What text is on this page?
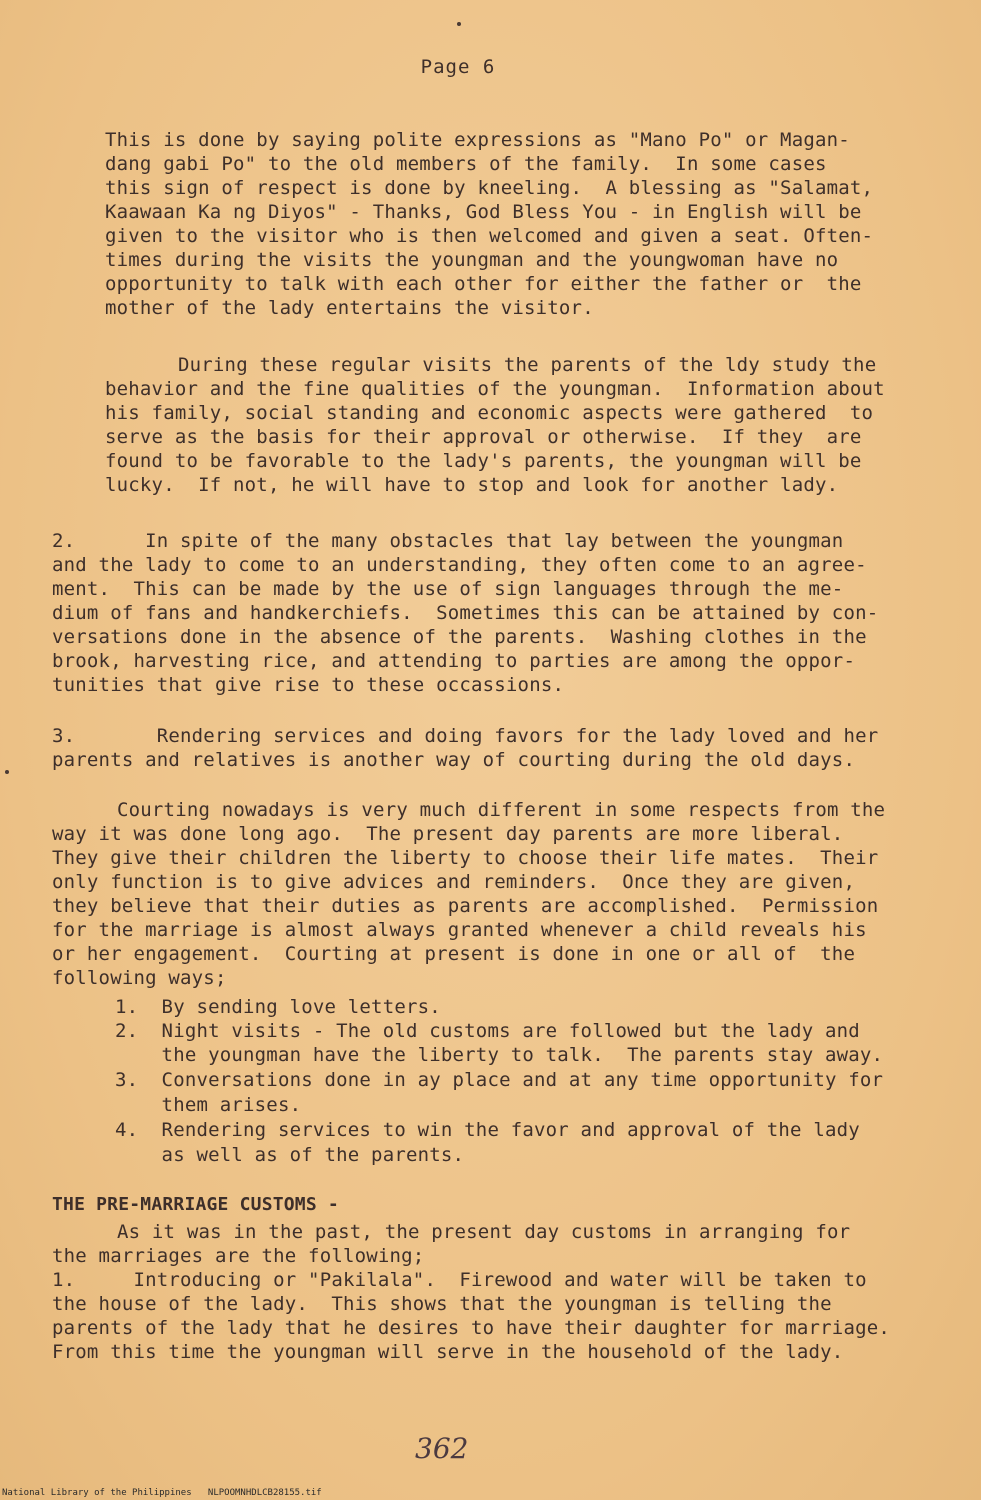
Page 6
This is done by saying polite expressions as "Mano Po" or Magan-
dang gabi Po" to the old members of the family.  In some cases
this sign of respect is done by kneeling.  A blessing as "Salamat,
Kaawaan Ka ng Diyos" - Thanks, God Bless You - in English will be
given to the visitor who is then welcomed and given a seat. Often-
times during the visits the youngman and the youngwoman have no
opportunity to talk with each other for either the father or  the
mother of the lady entertains the visitor.
During these regular visits the parents of the ldy study the
behavior and the fine qualities of the youngman.  Information about
his family, social standing and economic aspects were gathered  to
serve as the basis for their approval or otherwise.  If they  are
found to be favorable to the lady's parents, the youngman will be
lucky.  If not, he will have to stop and look for another lady.
2.      In spite of the many obstacles that lay between the youngman
and the lady to come to an understanding, they often come to an agree-
ment.  This can be made by the use of sign languages through the me-
dium of fans and handkerchiefs.  Sometimes this can be attained by con-
versations done in the absence of the parents.  Washing clothes in the
brook, harvesting rice, and attending to parties are among the oppor-
tunities that give rise to these occassions.
3.       Rendering services and doing favors for the lady loved and her
parents and relatives is another way of courting during the old days.
Courting nowadays is very much different in some respects from the
way it was done long ago.  The present day parents are more liberal.
They give their children the liberty to choose their life mates.  Their
only function is to give advices and reminders.  Once they are given,
they believe that their duties as parents are accomplished.  Permission
for the marriage is almost always granted whenever a child reveals his
or her engagement.  Courting at present is done in one or all of  the
following ways;
1.  By sending love letters.
2.  Night visits - The old customs are followed but the lady and
the youngman have the liberty to talk.  The parents stay away.
3.  Conversations done in ay place and at any time opportunity for
them arises.
4.  Rendering services to win the favor and approval of the lady
as well as of the parents.
THE PRE-MARRIAGE CUSTOMS -
As it was in the past, the present day customs in arranging for
the marriages are the following;
1.     Introducing or "Pakilala".  Firewood and water will be taken to
the house of the lady.  This shows that the youngman is telling the
parents of the lady that he desires to have their daughter for marriage.
From this time the youngman will serve in the household of the lady.
362
National Library of the Philippines NLPOOMNHDLCB28155.tif
